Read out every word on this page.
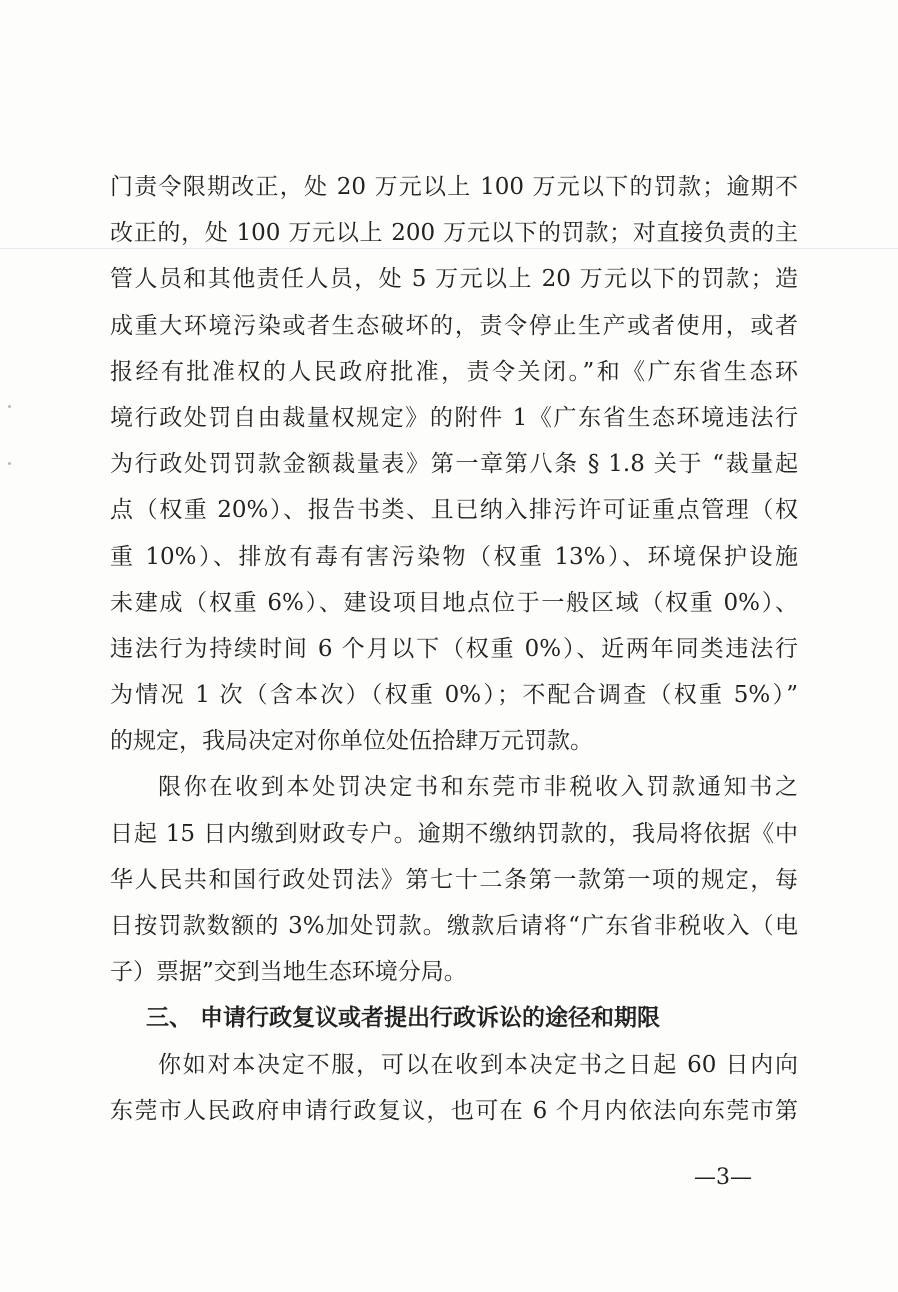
门责令限期改正，处 20 万元以上 100 万元以下的罚款；逾期不
改正的，处 100 万元以上 200 万元以下的罚款；对直接负责的主
管人员和其他责任人员，处 5 万元以上 20 万元以下的罚款；造
成重大环境污染或者生态破坏的，责令停止生产或者使用，或者
报经有批准权的人民政府批准，责令关闭。”和《广东省生态环
境行政处罚自由裁量权规定》的附件 1《广东省生态环境违法行
为行政处罚罚款金额裁量表》第一章第八条 § 1.8 关于 “裁量起
点（权重 20%）、报告书类、且已纳入排污许可证重点管理（权
重 10%）、排放有毒有害污染物（权重 13%）、环境保护设施
未建成（权重 6%）、建设项目地点位于一般区域（权重 0%）、
违法行为持续时间 6 个月以下（权重 0%）、近两年同类违法行
为情况 1 次（含本次）（权重 0%）；不配合调查（权重 5%）”
的规定，我局决定对你单位处伍拾肆万元罚款。
限你在收到本处罚决定书和东莞市非税收入罚款通知书之
日起 15 日内缴到财政专户。逾期不缴纳罚款的，我局将依据《中
华人民共和国行政处罚法》第七十二条第一款第一项的规定，每
日按罚款数额的 3%加处罚款。缴款后请将“广东省非税收入（电
子）票据”交到当地生态环境分局。
三、 申请行政复议或者提出行政诉讼的途径和期限
你如对本决定不服，可以在收到本决定书之日起 60 日内向
东莞市人民政府申请行政复议，也可在 6 个月内依法向东莞市第
—3—
